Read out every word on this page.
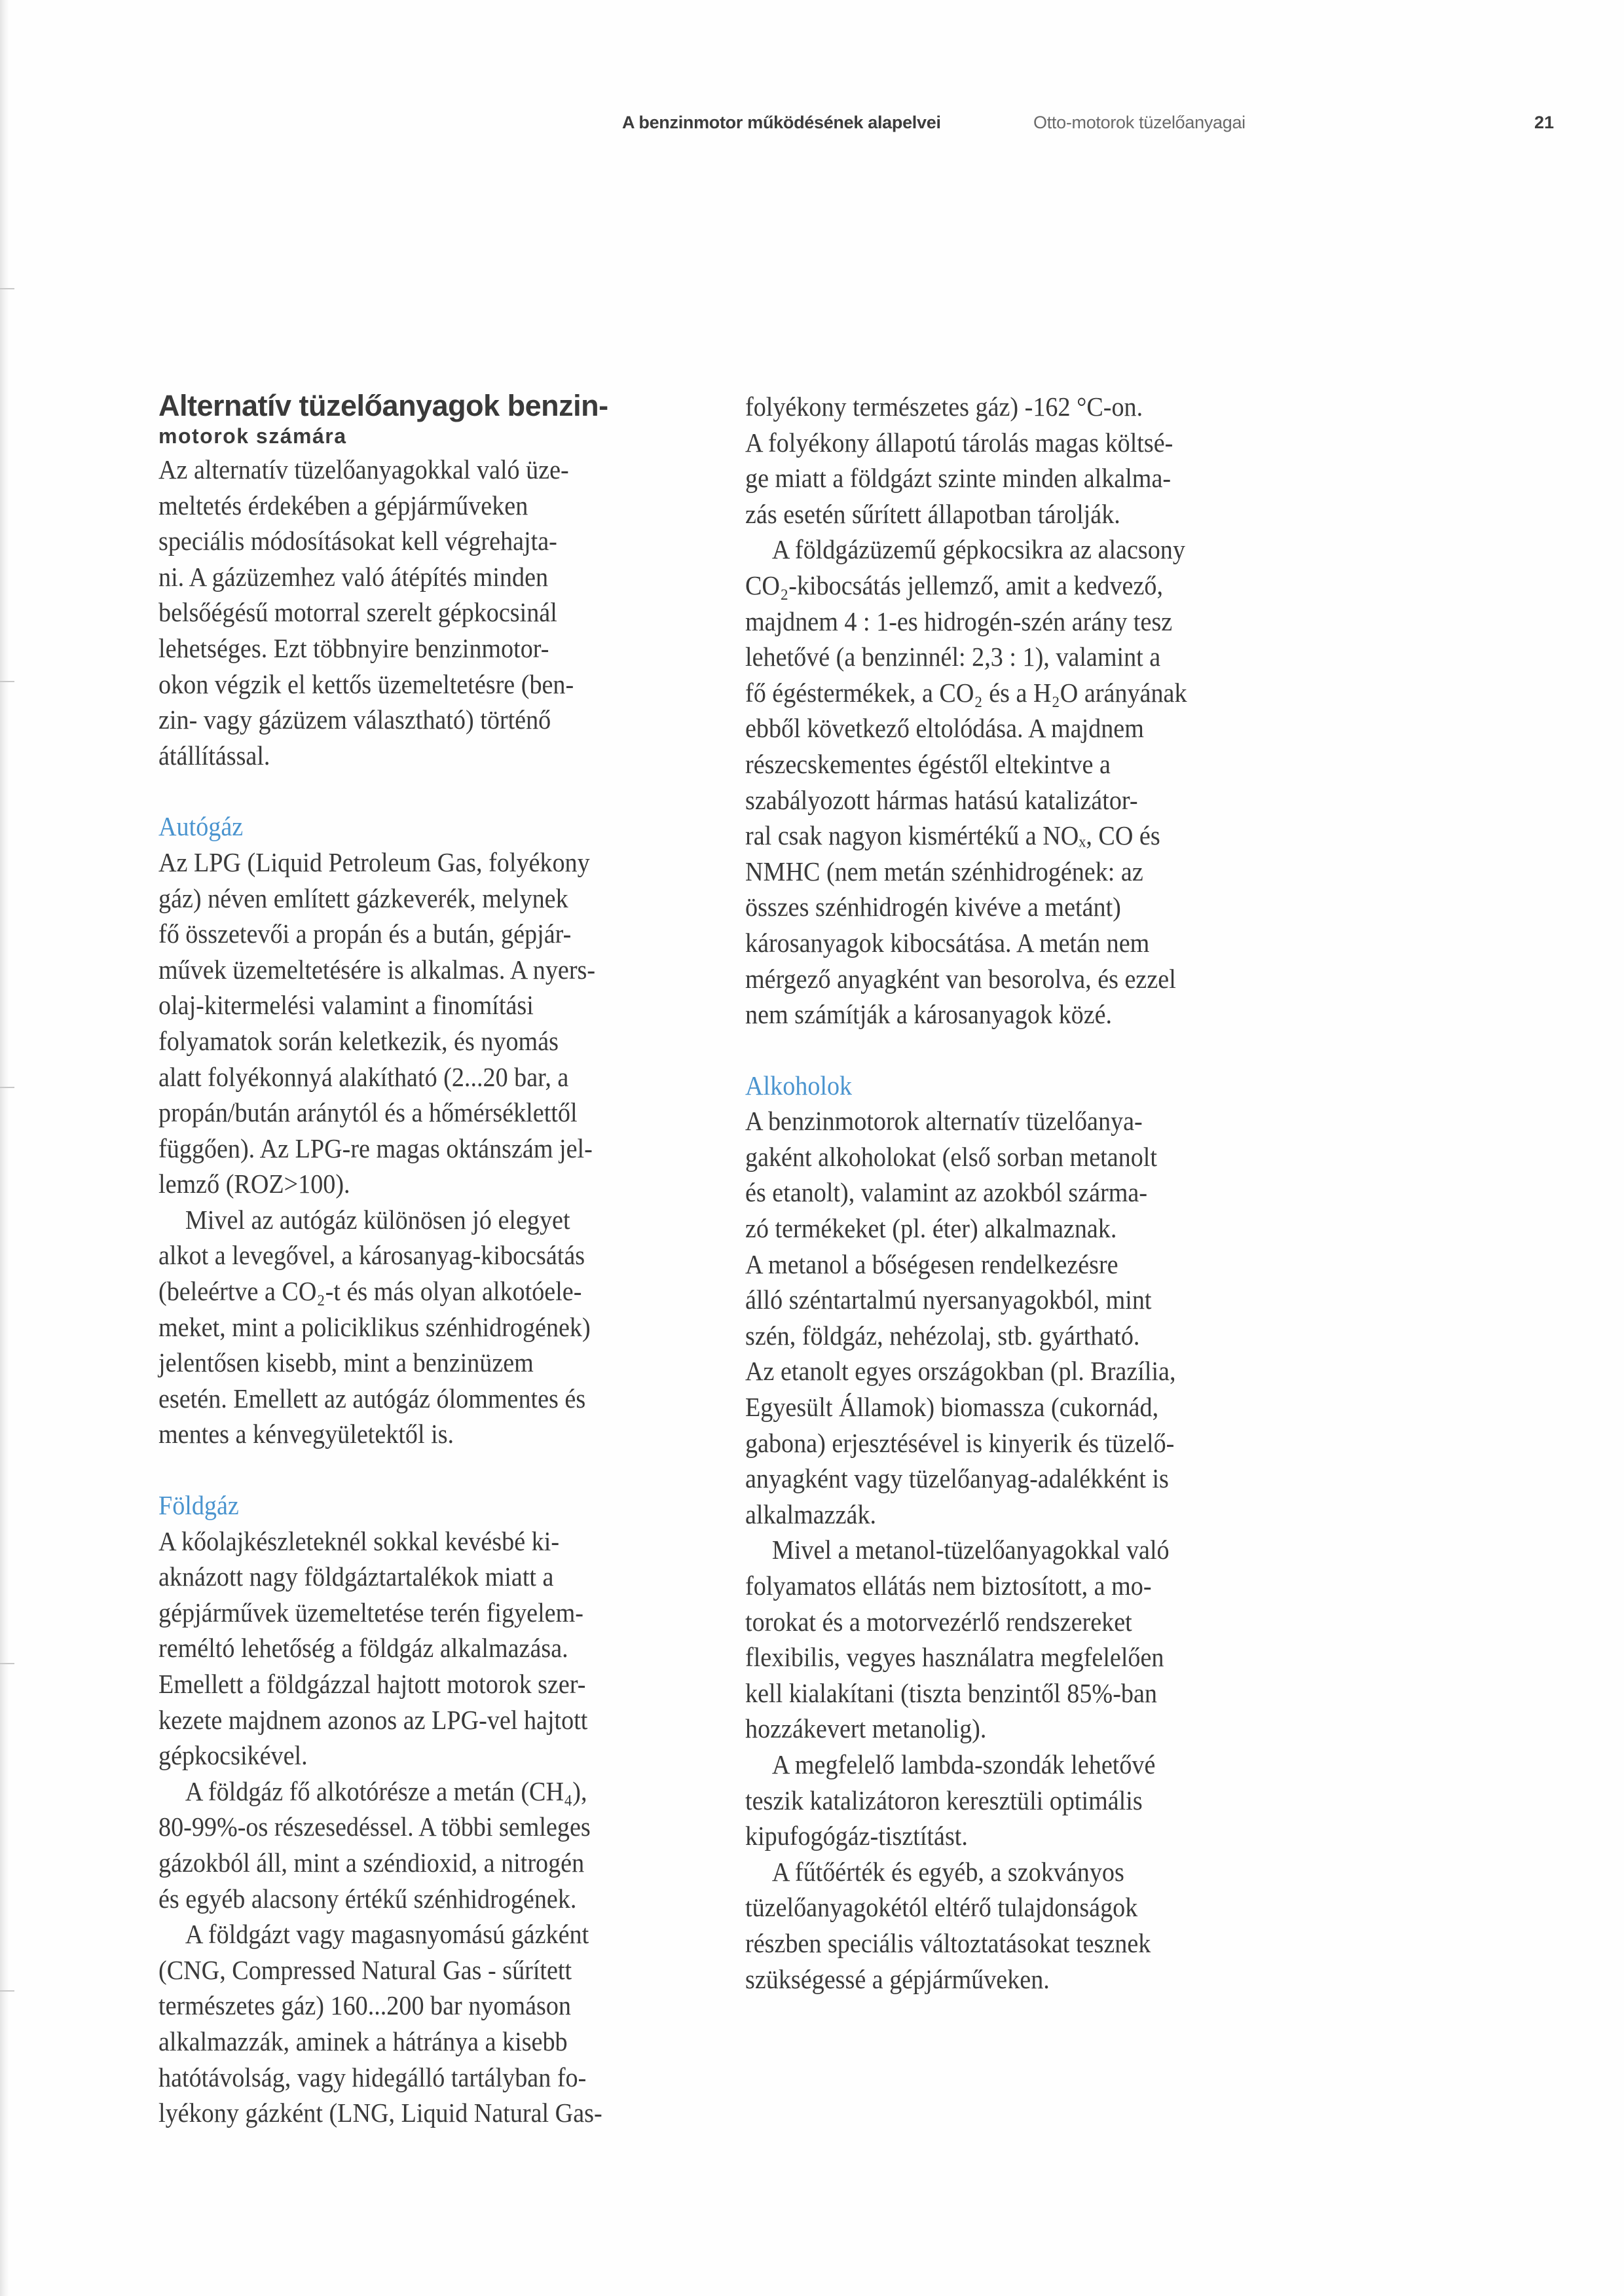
A benzinmotor működésének alapelvei	Otto-motorok tüzelőanyagai	21
Alternatív tüzelőanyagok benzin-
motorok számára
Az alternatív tüzelőanyagokkal való üze-
meltetés érdekében a gépjárműveken
speciális módosításokat kell végrehajta-
ni. A gázüzemhez való átépítés minden
belsőégésű motorral szerelt gépkocsinál
lehetséges. Ezt többnyire benzinmotor-
okon végzik el kettős üzemeltetésre (ben-
zin- vagy gázüzem választható) történő
átállítással.
Autógáz
Az LPG (Liquid Petroleum Gas, folyékony
gáz) néven említett gázkeverék, melynek
fő összetevői a propán és a bután, gépjár-
művek üzemeltetésére is alkalmas. A nyers-
olaj-kitermelési valamint a finomítási
folyamatok során keletkezik, és nyomás
alatt folyékonnyá alakítható (2...20 bar, a
propán/bután aránytól és a hőmérséklettől
függően). Az LPG-re magas oktánszám jel-
lemző (ROZ>100).
Mivel az autógáz különösen jó elegyet
alkot a levegővel, a károsanyag-kibocsátás
(beleértve a CO₂-t és más olyan alkotóele-
meket, mint a policiklikus szénhidrogének)
jelentősen kisebb, mint a benzinüzem
esetén. Emellett az autógáz ólommentes és
mentes a kénvegyületektől is.
Földgáz
A kőolajkészleteknél sokkal kevésbé ki-
aknázott nagy földgáztartalékok miatt a
gépjárművek üzemeltetése terén figyelem-
reméltó lehetőség a földgáz alkalmazása.
Emellett a földgázzal hajtott motorok szer-
kezete majdnem azonos az LPG-vel hajtott
gépkocsikével.
A földgáz fő alkotórésze a metán (CH₄),
80-99%-os részesedéssel. A többi semleges
gázokból áll, mint a széndioxid, a nitrogén
és egyéb alacsony értékű szénhidrogének.
A földgázt vagy magasnyomású gázként
(CNG, Compressed Natural Gas - sűrített
természetes gáz) 160...200 bar nyomáson
alkalmazzák, aminek a hátránya a kisebb
hatótávolság, vagy hidegálló tartályban fo-
lyékony gázként (LNG, Liquid Natural Gas-
folyékony természetes gáz) -162 °C-on.
A folyékony állapotú tárolás magas költsé-
ge miatt a földgázt szinte minden alkalma-
zás esetén sűrített állapotban tárolják.
A földgázüzemű gépkocsikra az alacsony
CO₂-kibocsátás jellemző, amit a kedvező,
majdnem 4 : 1-es hidrogén-szén arány tesz
lehetővé (a benzinnél: 2,3 : 1), valamint a
fő égéstermékek, a CO₂ és a H₂O arányának
ebből következő eltolódása. A majdnem
részecskementes égéstől eltekintve a
szabályozott hármas hatású katalizátor-
ral csak nagyon kismértékű a NOₓ, CO és
NMHC (nem metán szénhidrogének: az
összes szénhidrogén kivéve a metánt)
károsanyagok kibocsátása. A metán nem
mérgező anyagként van besorolva, és ezzel
nem számítják a károsanyagok közé.
Alkoholok
A benzinmotorok alternatív tüzelőanya-
gaként alkoholokat (első sorban metanolt
és etanolt), valamint az azokból szárma-
zó termékeket (pl. éter) alkalmaznak.
A metanol a bőségesen rendelkezésre
álló széntartalmú nyersanyagokból, mint
szén, földgáz, nehézolaj, stb. gyártható.
Az etanolt egyes országokban (pl. Brazília,
Egyesült Államok) biomassza (cukornád,
gabona) erjesztésével is kinyerik és tüzelő-
anyagként vagy tüzelőanyag-adalékként is
alkalmazzák.
Mivel a metanol-tüzelőanyagokkal való
folyamatos ellátás nem biztosított, a mo-
torokat és a motorvezérlő rendszereket
flexibilis, vegyes használatra megfelelően
kell kialakítani (tiszta benzintől 85%-ban
hozzákevert metanolig).
A megfelelő lambda-szondák lehetővé
teszik katalizátoron keresztüli optimális
kipufogógáz-tisztítást.
A fűtőérték és egyéb, a szokványos
tüzelőanyagokétól eltérő tulajdonságok
részben speciális változtatásokat tesznek
szükségessé a gépjárműveken.
